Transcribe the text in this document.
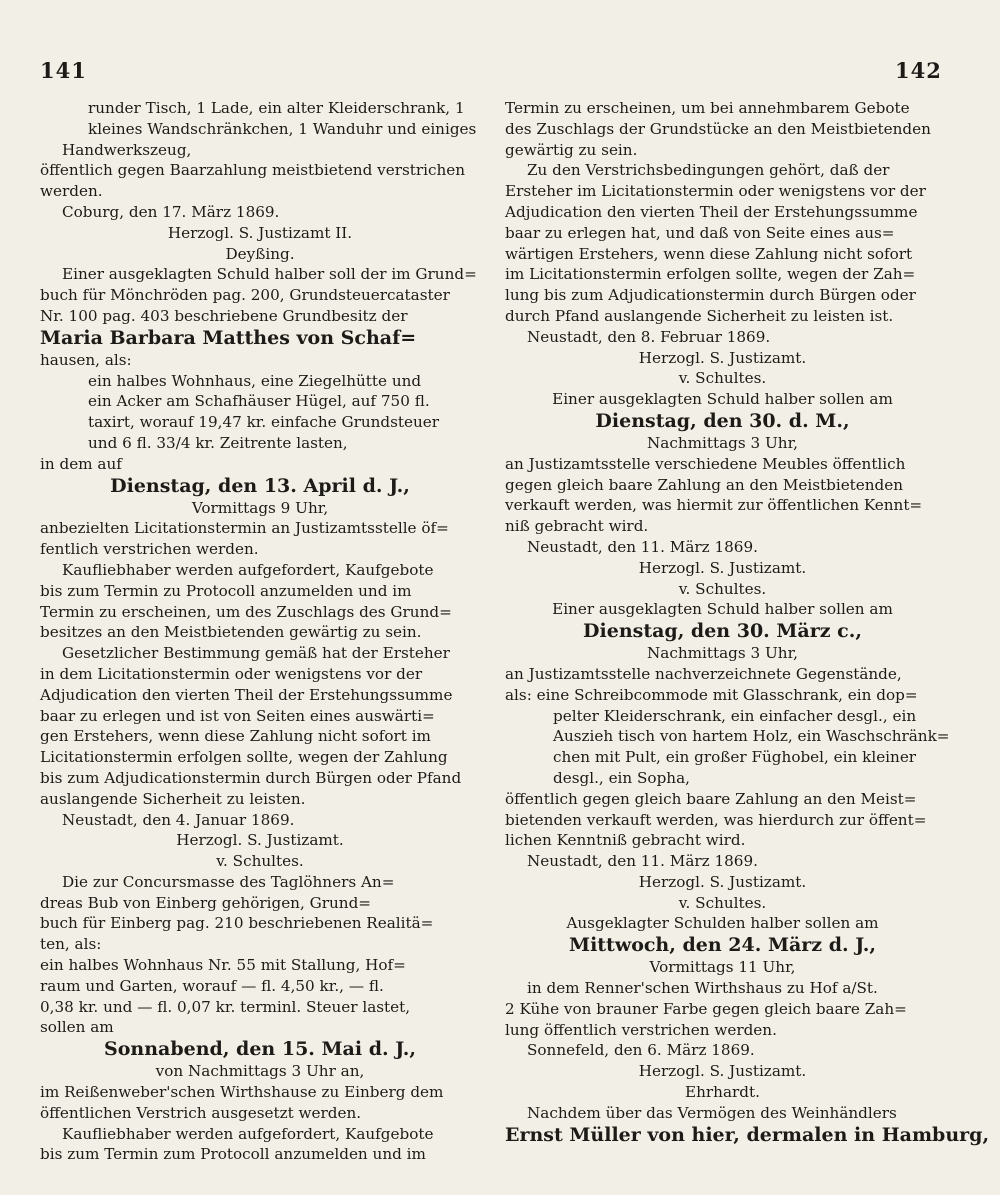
141	142
runder Tisch, 1 Lade, ein alter Kleiderschrank, 1
kleines Wandschränkchen, 1 Wanduhr und einiges
Handwerkszeug,
öffentlich gegen Baarzahlung meistbietend verstrichen
werden.
Coburg, den 17. März 1869.
Herzogl. S. Justizamt II.
Deyßing.
Einer ausgeklagten Schuld halber soll der im Grund=
buch für Mönchröden pag. 200, Grundsteuercataster
Nr. 100 pag. 403 beschriebene Grundbesitz der
Maria Barbara Matthes von Schaf=
hausen, als:
ein halbes Wohnhaus, eine Ziegelhütte und
ein Acker am Schafhäuser Hügel, auf 750 fl.
taxirt, worauf 19,47 kr. einfache Grundsteuer
und 6 fl. 33/4 kr. Zeitrente lasten,
in dem auf
Dienstag, den 13. April d. J.,
Vormittags 9 Uhr,
anbezielten Licitationstermin an Justizamtsstelle öf=
fentlich verstrichen werden.
Kaufliebhaber werden aufgefordert, Kaufgebote
bis zum Termin zu Protocoll anzumelden und im
Termin zu erscheinen, um des Zuschlags des Grund=
besitzes an den Meistbietenden gewärtig zu sein.
Gesetzlicher Bestimmung gemäß hat der Ersteher
in dem Licitationstermin oder wenigstens vor der
Adjudication den vierten Theil der Erstehungssumme
baar zu erlegen und ist von Seiten eines auswärti=
gen Erstehers, wenn diese Zahlung nicht sofort im
Licitationstermin erfolgen sollte, wegen der Zahlung
bis zum Adjudicationstermin durch Bürgen oder Pfand
auslangende Sicherheit zu leisten.
Neustadt, den 4. Januar 1869.
Herzogl. S. Justizamt.
v. Schultes.
Die zur Concursmasse des Taglöhners An=
dreas Bub von Einberg gehörigen, Grund=
buch für Einberg pag. 210 beschriebenen Realitä=
ten, als:
ein halbes Wohnhaus Nr. 55 mit Stallung, Hof=
raum und Garten, worauf — fl. 4,50 kr., — fl.
0,38 kr. und — fl. 0,07 kr. terminl. Steuer lastet,
sollen am
Sonnabend, den 15. Mai d. J.,
von Nachmittags 3 Uhr an,
im Reißenweber'schen Wirthshause zu Einberg dem
öffentlichen Verstrich ausgesetzt werden.
Kaufliebhaber werden aufgefordert, Kaufgebote
bis zum Termin zum Protocoll anzumelden und im
Termin zu erscheinen, um bei annehmbarem Gebote
des Zuschlags der Grundstücke an den Meistbietenden
gewärtig zu sein.
Zu den Verstrichsbedingungen gehört, daß der
Ersteher im Licitationstermin oder wenigstens vor der
Adjudication den vierten Theil der Erstehungssumme
baar zu erlegen hat, und daß von Seite eines aus=
wärtigen Erstehers, wenn diese Zahlung nicht sofort
im Licitationstermin erfolgen sollte, wegen der Zah=
lung bis zum Adjudicationstermin durch Bürgen oder
durch Pfand auslangende Sicherheit zu leisten ist.
Neustadt, den 8. Februar 1869.
Herzogl. S. Justizamt.
v. Schultes.
Einer ausgeklagten Schuld halber sollen am
Dienstag, den 30. d. M.,
Nachmittags 3 Uhr,
an Justizamtsstelle verschiedene Meubles öffentlich
gegen gleich baare Zahlung an den Meistbietenden
verkauft werden, was hiermit zur öffentlichen Kennt=
niß gebracht wird.
Neustadt, den 11. März 1869.
Herzogl. S. Justizamt.
v. Schultes.
Einer ausgeklagten Schuld halber sollen am
Dienstag, den 30. März c.,
Nachmittags 3 Uhr,
an Justizamtsstelle nachverzeichnete Gegenstände,
als: eine Schreibcommode mit Glasschrank, ein dop=
pelter Kleiderschrank, ein einfacher desgl., ein
Auszieh tisch von hartem Holz, ein Waschschränk=
chen mit Pult, ein großer Füghobel, ein kleiner
desgl., ein Sopha,
öffentlich gegen gleich baare Zahlung an den Meist=
bietenden verkauft werden, was hierdurch zur öffent=
lichen Kenntniß gebracht wird.
Neustadt, den 11. März 1869.
Herzogl. S. Justizamt.
v. Schultes.
Ausgeklagter Schulden halber sollen am
Mittwoch, den 24. März d. J.,
Vormittags 11 Uhr,
in dem Renner'schen Wirthshaus zu Hof a/St.
2 Kühe von brauner Farbe gegen gleich baare Zah=
lung öffentlich verstrichen werden.
Sonnefeld, den 6. März 1869.
Herzogl. S. Justizamt.
Ehrhardt.
Nachdem über das Vermögen des Weinhändlers
Ernst Müller von hier, dermalen in Hamburg,
